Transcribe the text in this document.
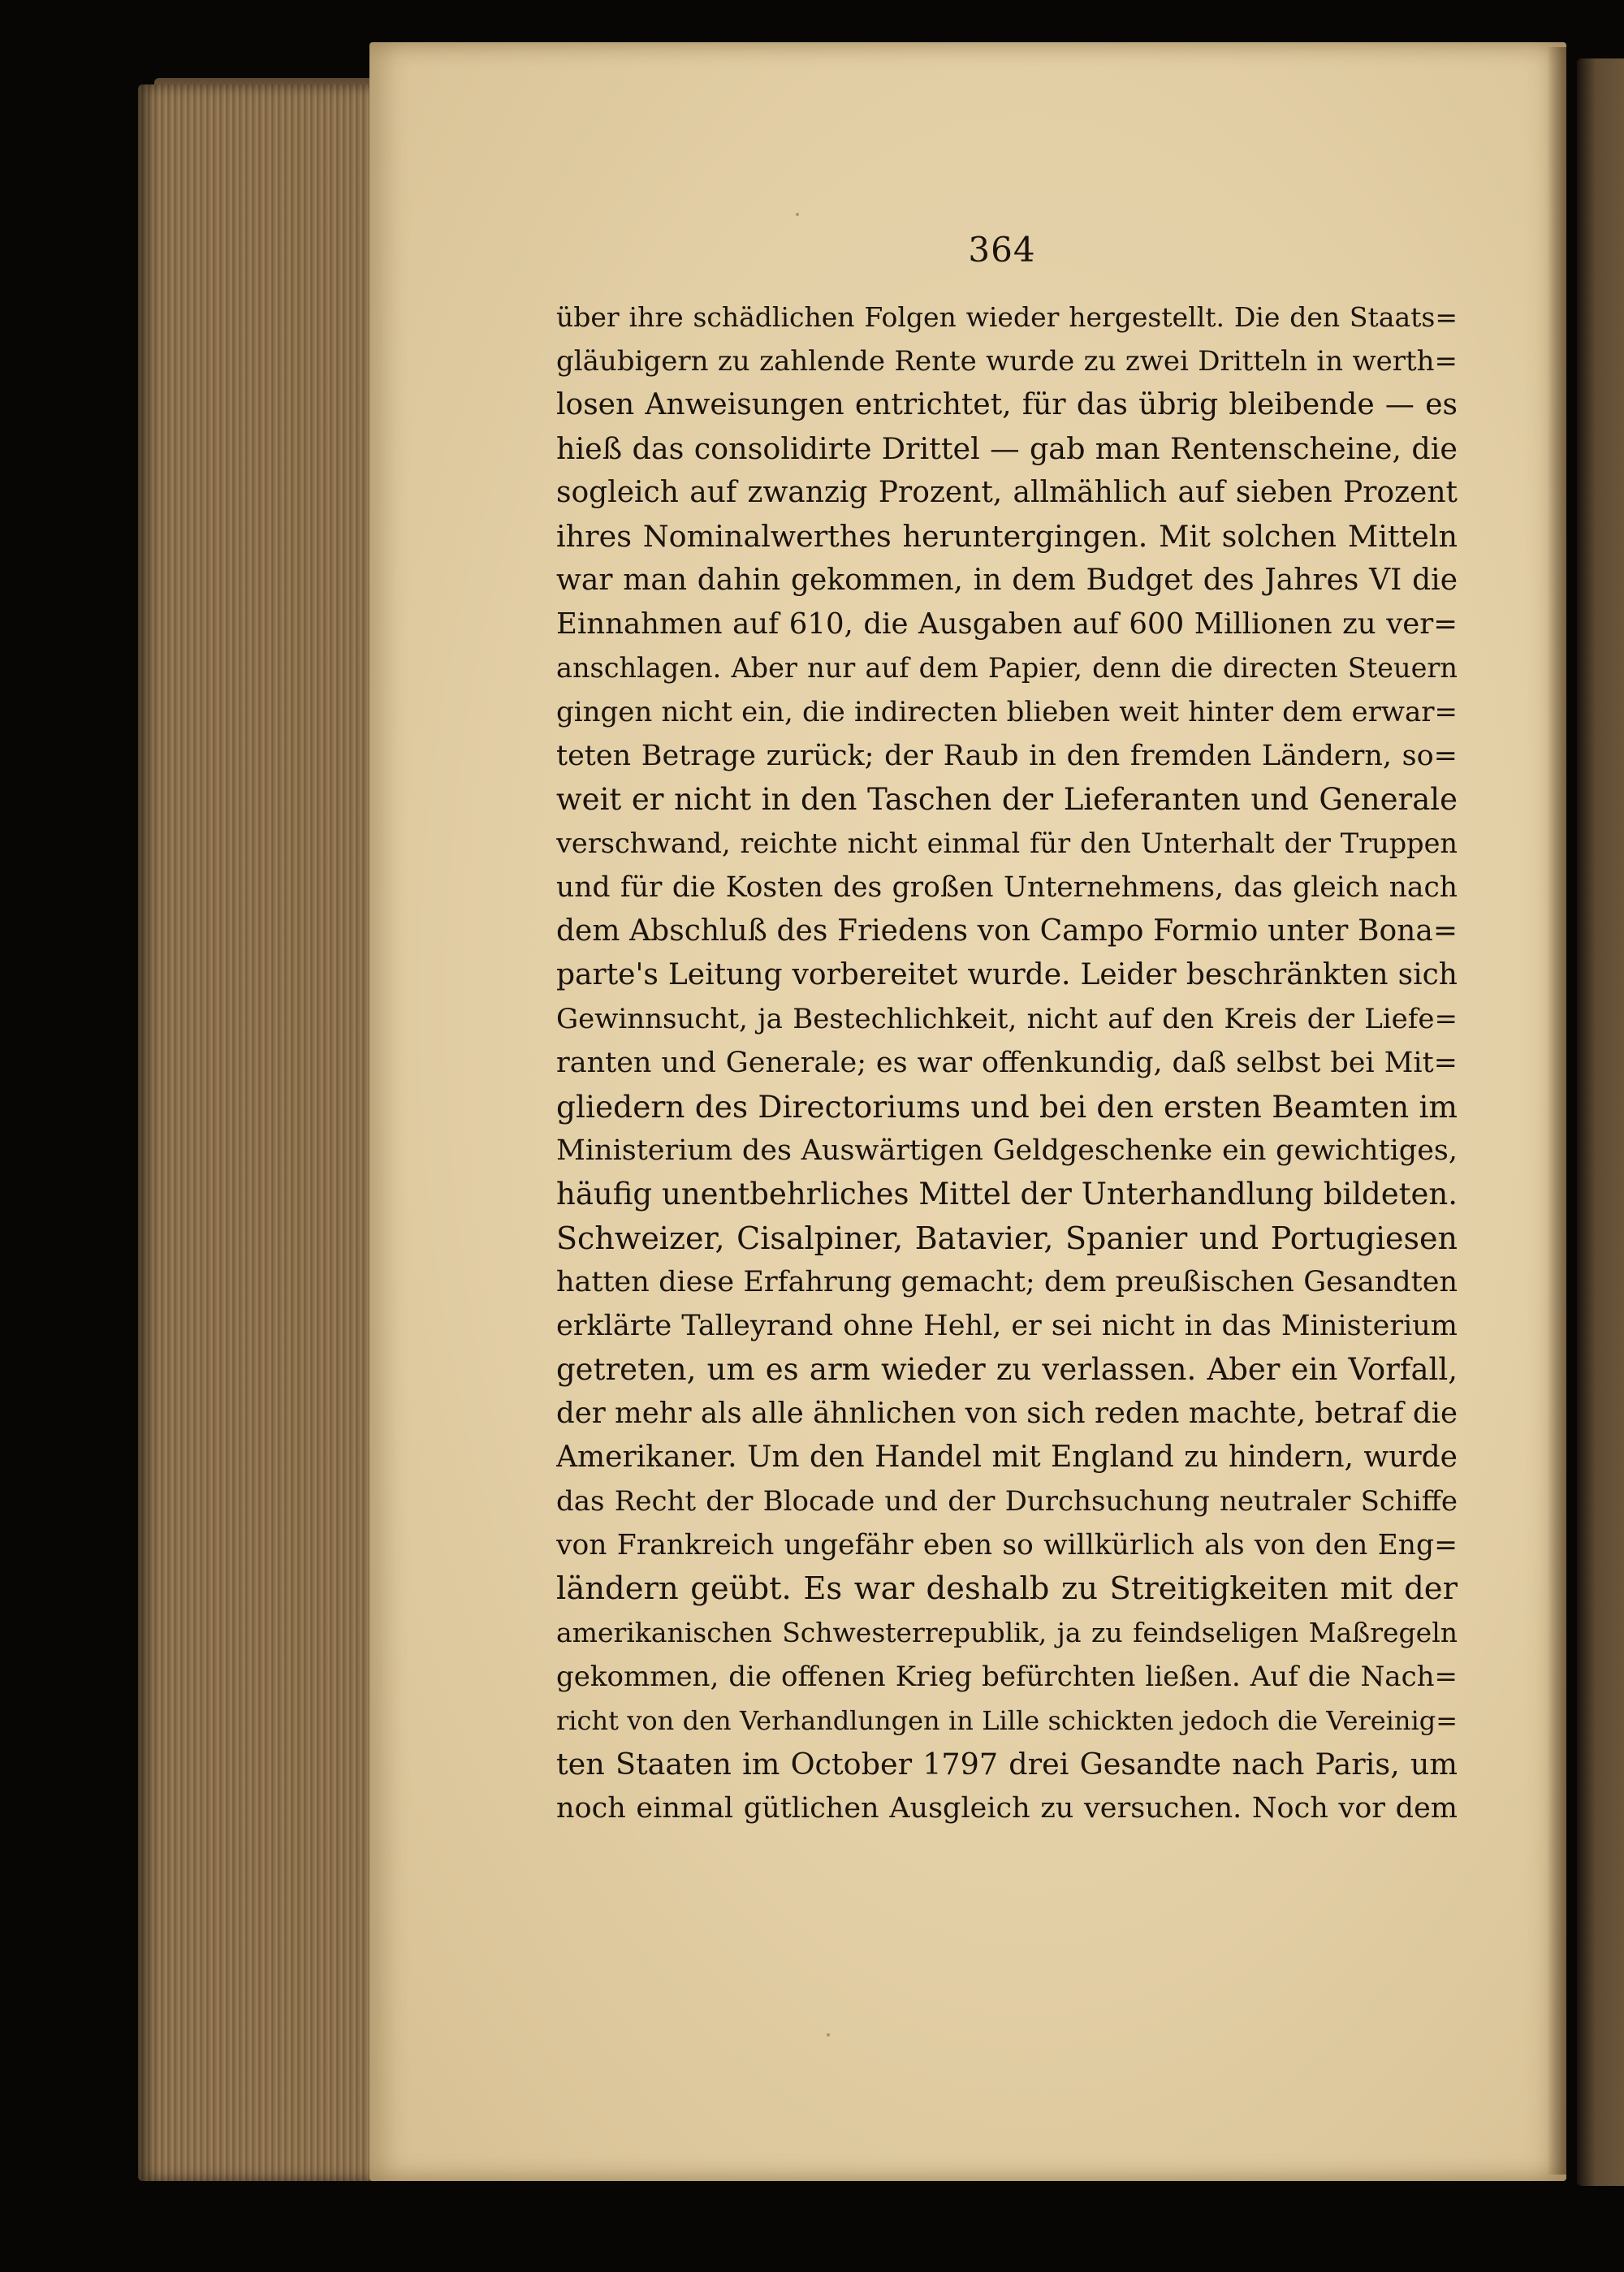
364
über ihre schädlichen Folgen wieder hergestellt. Die den Staats=
gläubigern zu zahlende Rente wurde zu zwei Dritteln in werth=
losen Anweisungen entrichtet, für das übrig bleibende — es
hieß das consolidirte Drittel — gab man Rentenscheine, die
sogleich auf zwanzig Prozent, allmählich auf sieben Prozent
ihres Nominalwerthes heruntergingen. Mit solchen Mitteln
war man dahin gekommen, in dem Budget des Jahres VI die
Einnahmen auf 610, die Ausgaben auf 600 Millionen zu ver=
anschlagen. Aber nur auf dem Papier, denn die directen Steuern
gingen nicht ein, die indirecten blieben weit hinter dem erwar=
teten Betrage zurück; der Raub in den fremden Ländern, so=
weit er nicht in den Taschen der Lieferanten und Generale
verschwand, reichte nicht einmal für den Unterhalt der Truppen
und für die Kosten des großen Unternehmens, das gleich nach
dem Abschluß des Friedens von Campo Formio unter Bona=
parte's Leitung vorbereitet wurde. Leider beschränkten sich
Gewinnsucht, ja Bestechlichkeit, nicht auf den Kreis der Liefe=
ranten und Generale; es war offenkundig, daß selbst bei Mit=
gliedern des Directoriums und bei den ersten Beamten im
Ministerium des Auswärtigen Geldgeschenke ein gewichtiges,
häufig unentbehrliches Mittel der Unterhandlung bildeten.
Schweizer, Cisalpiner, Batavier, Spanier und Portugiesen
hatten diese Erfahrung gemacht; dem preußischen Gesandten
erklärte Talleyrand ohne Hehl, er sei nicht in das Ministerium
getreten, um es arm wieder zu verlassen. Aber ein Vorfall,
der mehr als alle ähnlichen von sich reden machte, betraf die
Amerikaner. Um den Handel mit England zu hindern, wurde
das Recht der Blocade und der Durchsuchung neutraler Schiffe
von Frankreich ungefähr eben so willkürlich als von den Eng=
ländern geübt. Es war deshalb zu Streitigkeiten mit der
amerikanischen Schwesterrepublik, ja zu feindseligen Maßregeln
gekommen, die offenen Krieg befürchten ließen. Auf die Nach=
richt von den Verhandlungen in Lille schickten jedoch die Vereinig=
ten Staaten im October 1797 drei Gesandte nach Paris, um
noch einmal gütlichen Ausgleich zu versuchen. Noch vor dem
